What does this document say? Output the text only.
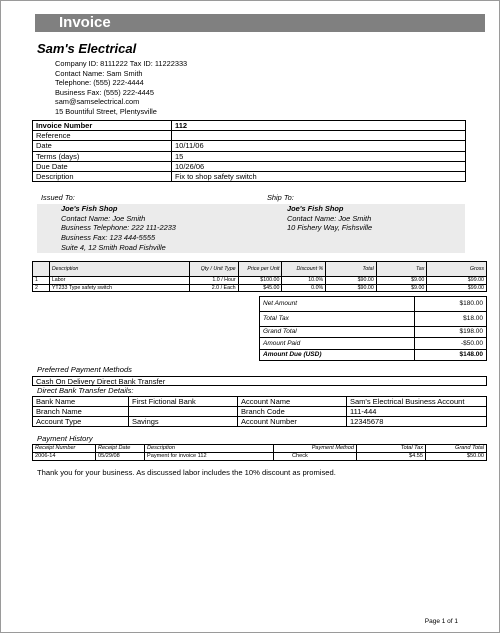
Invoice
Sam's Electrical
Company ID: 8111222 Tax ID: 11222333
Contact Name: Sam Smith
Telephone: (555) 222-4444
Business Fax: (555) 222-4445
sam@samselectrical.com
15 Bountiful Street, Plentysville
Invoice Number	112
Reference	
Date	10/11/06
Terms (days)	15
Due Date	10/26/06
Description	Fix to shop safety switch
Issued To:
Joe's Fish Shop
Contact Name: Joe Smith
Business Telephone: 222 111-2233
Business Fax: 123 444-5555
Suite 4, 12 Smith Road Fishville
Ship To:
Joe's Fish Shop
Contact Name: Joe Smith
10 Fishery Way, Fishsville
	Description	Qty / Unit Type	Price per Unit	Discount %	Total	Tax	Gross
1	Labor	1.0 / Hour	$100.00	10.0%	$90.00	$9.00	$99.00
2	YT233 Type safety switch	2.0 / Each	$45.00	0.0%	$90.00	$9.00	$99.00
Net Amount	$180.00
Total Tax	$18.00
Grand Total	$198.00
Amount Paid	-$50.00
Amount Due (USD)	$148.00
Preferred Payment Methods
Cash On Delivery Direct Bank Transfer
Direct Bank Transfer Details:
Bank Name	First Fictional Bank	Account Name	Sam's Electrical Business Account
Branch Name		Branch Code	111-444
Account Type	Savings	Account Number	12345678
Payment History
Receipt Number	Receipt Date	Description	Payment Method	Total Tax	Grand Total
2006-14	05/29/08	Payment for invoice 112	Check	$4.55	$50.00
Thank you for your business. As discussed labor includes the 10% discount as promised.
Page 1 of 1
